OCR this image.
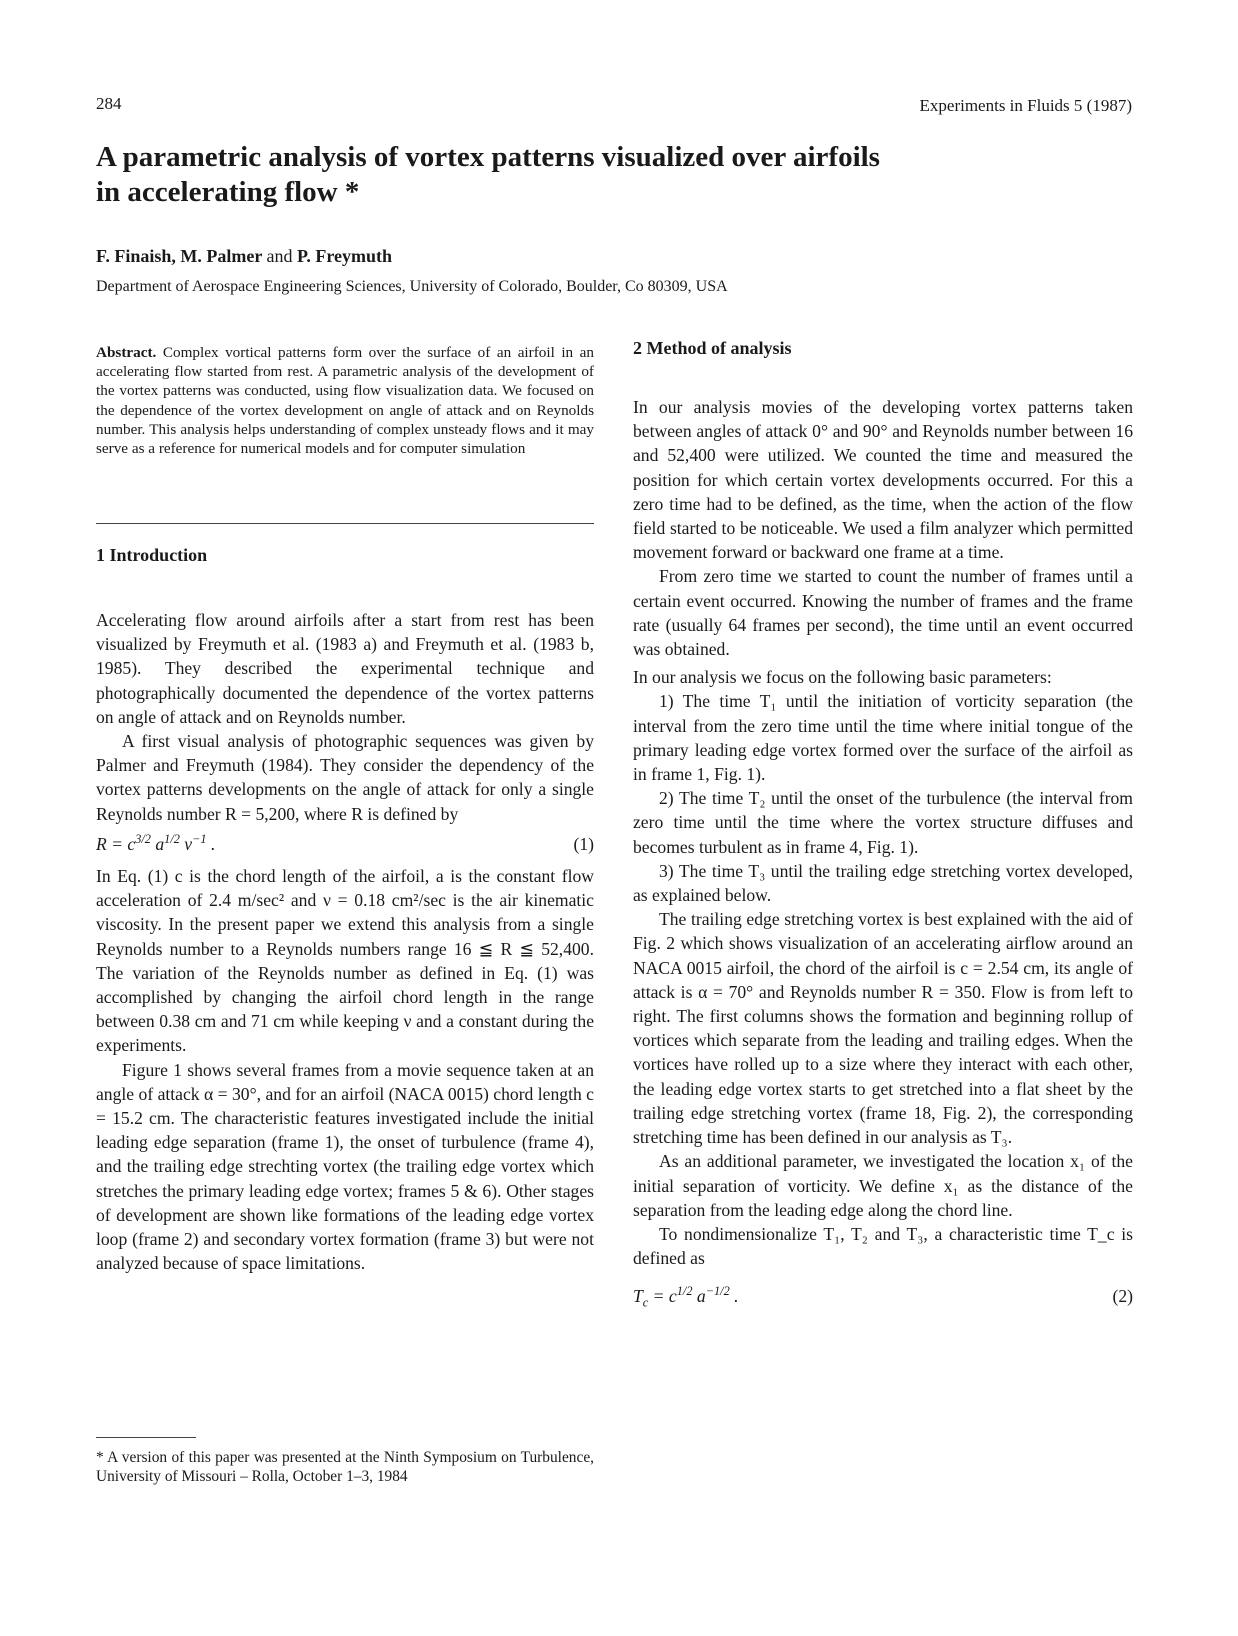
284	Experiments in Fluids 5 (1987)
A parametric analysis of vortex patterns visualized over airfoils
in accelerating flow *
F. Finaish, M. Palmer and P. Freymuth
Department of Aerospace Engineering Sciences, University of Colorado, Boulder, Co 80309, USA
Abstract. Complex vortical patterns form over the surface of an airfoil in an accelerating flow started from rest. A parametric analysis of the development of the vortex patterns was conducted, using flow visualization data. We focused on the dependence of the vortex development on angle of attack and on Reynolds number. This analysis helps understanding of complex unsteady flows and it may serve as a reference for numerical models and for computer simulation
1 Introduction

Accelerating flow around airfoils after a start from rest has been visualized by Freymuth et al. (1983 a) and Freymuth et al. (1983 b, 1985). They described the experimental technique and photographically documented the dependence of the vortex patterns on angle of attack and on Reynolds number.

A first visual analysis of photographic sequences was given by Palmer and Freymuth (1984). They consider the dependency of the vortex patterns developments on the angle of attack for only a single Reynolds number R = 5,200, where R is defined by

$R = c^{3/2}$ $a^{1/2}$ $\nu^{-1}$ .	(1)

In Eq. (1) c is the chord length of the airfoil, a is the constant flow acceleration of 2.4 m/sec² and ν = 0.18 cm²/sec is the air kinematic viscosity. In the present paper we extend this analysis from a single Reynolds number to a Reynolds numbers range 16 ≦ R ≦ 52,400. The variation of the Reynolds number as defined in Eq. (1) was accomplished by changing the airfoil chord length in the range between 0.38 cm and 71 cm while keeping ν and a constant during the experiments.

Figure 1 shows several frames from a movie sequence taken at an angle of attack α = 30°, and for an airfoil (NACA 0015) chord length c = 15.2 cm. The characteristic features investigated include the initial leading edge separation (frame 1), the onset of turbulence (frame 4), and the trailing edge strechting vortex (the trailing edge vortex which stretches the primary leading edge vortex; frames 5 & 6). Other stages of development are shown like formations of the leading edge vortex loop (frame 2) and secondary vortex formation (frame 3) but were not analyzed because of space limitations.

* A version of this paper was presented at the Ninth Symposium on Turbulence, University of Missouri – Rolla, October 1–3, 1984
2 Method of analysis

In our analysis movies of the developing vortex patterns taken between angles of attack 0° and 90° and Reynolds number between 16 and 52,400 were utilized. We counted the time and measured the position for which certain vortex developments occurred. For this a zero time had to be defined, as the time, when the action of the flow field started to be noticeable. We used a film analyzer which permitted movement forward or backward one frame at a time.

From zero time we started to count the number of frames until a certain event occurred. Knowing the number of frames and the frame rate (usually 64 frames per second), the time until an event occurred was obtained.

In our analysis we focus on the following basic parameters:

1) The time T₁ until the initiation of vorticity separation (the interval from the zero time until the time where initial tongue of the primary leading edge vortex formed over the surface of the airfoil as in frame 1, Fig. 1).

2) The time T₂ until the onset of the turbulence (the interval from zero time until the time where the vortex structure diffuses and becomes turbulent as in frame 4, Fig. 1).

3) The time T₃ until the trailing edge stretching vortex developed, as explained below.

The trailing edge stretching vortex is best explained with the aid of Fig. 2 which shows visualization of an accelerating airflow around an NACA 0015 airfoil, the chord of the airfoil is c = 2.54 cm, its angle of attack is α = 70° and Reynolds number R = 350. Flow is from left to right. The first columns shows the formation and beginning rollup of vortices which separate from the leading and trailing edges. When the vortices have rolled up to a size where they interact with each other, the leading edge vortex starts to get stretched into a flat sheet by the trailing edge stretching vortex (frame 18, Fig. 2), the corresponding stretching time has been defined in our analysis as T₃.

As an additional parameter, we investigated the location x₁ of the initial separation of vorticity. We define x₁ as the distance of the separation from the leading edge along the chord line.

To nondimensionalize T₁, T₂ and T₃, a characteristic time T_c is defined as

$T_c = c^{1/2}$ $a^{-1/2}$ .	(2)
